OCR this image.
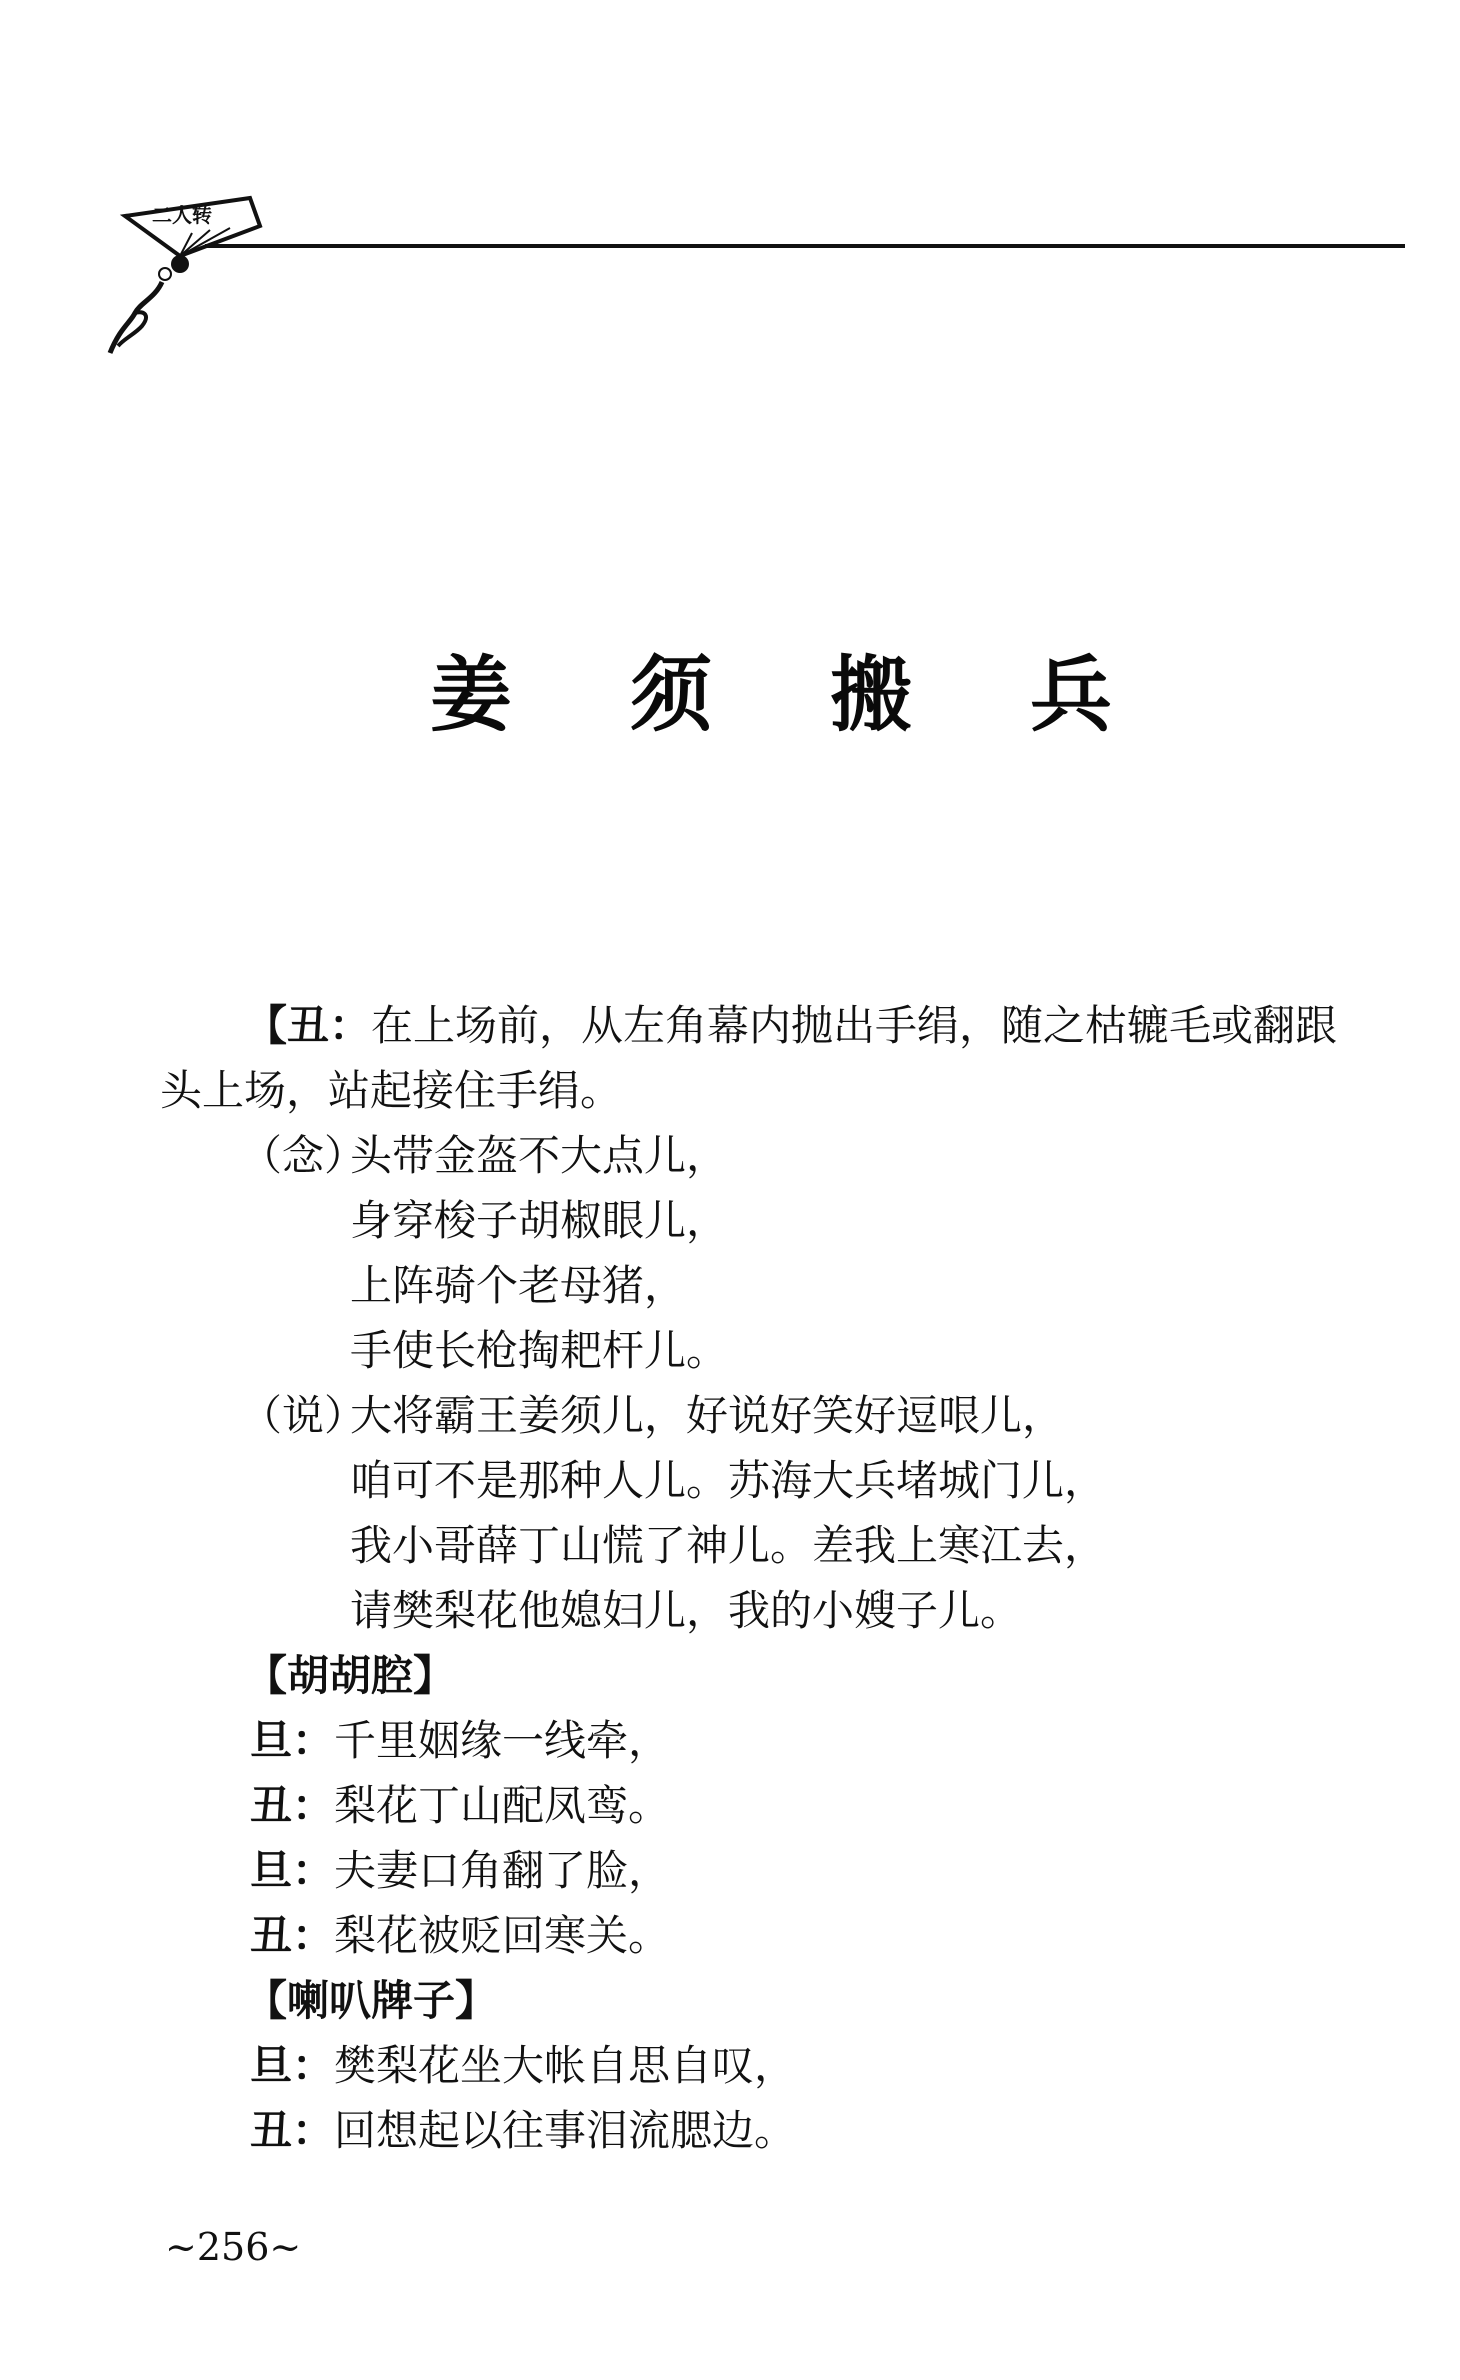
二人转
姜 须 搬 兵
【丑：在上场前，从左角幕内抛出手绢，随之枯辘毛或翻跟
头上场，站起接住手绢。
（念）
头带金盔不大点儿，
身穿梭子胡椒眼儿，
上阵骑个老母猪，
手使长枪掏耙杆儿。
（说）
大将霸王姜须儿，好说好笑好逗哏儿，
咱可不是那种人儿。苏海大兵堵城门儿，
我小哥薛丁山慌了神儿。差我上寒江去，
请樊梨花他媳妇儿，我的小嫂子儿。
【胡胡腔】
旦：千里姻缘一线牵，
丑：梨花丁山配凤鸾。
旦：夫妻口角翻了脸，
丑：梨花被贬回寒关。
【喇叭牌子】
旦：樊梨花坐大帐自思自叹，
丑：回想起以往事泪流腮边。
~256~
